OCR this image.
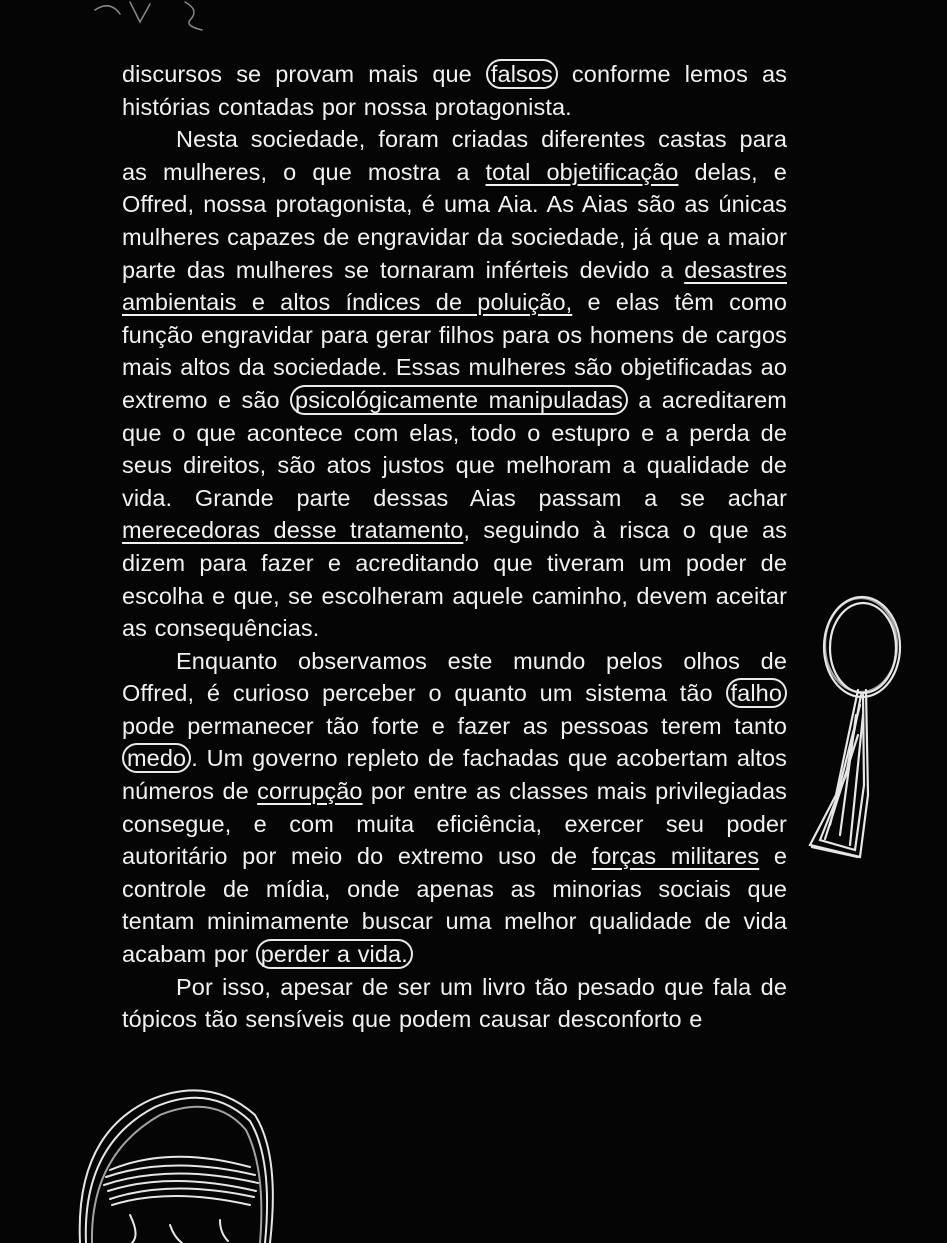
discursos se provam mais que falsos conforme lemos as histórias contadas por nossa protagonista.

Nesta sociedade, foram criadas diferentes castas para as mulheres, o que mostra a total objetificação delas, e Offred, nossa protagonista, é uma Aia. As Aias são as únicas mulheres capazes de engravidar da sociedade, já que a maior parte das mulheres se tornaram inférteis devido a desastres ambientais e altos índices de poluição, e elas têm como função engravidar para gerar filhos para os homens de cargos mais altos da sociedade. Essas mulheres são objetificadas ao extremo e são psicológicamente manipuladas a acreditarem que o que acontece com elas, todo o estupro e a perda de seus direitos, são atos justos que melhoram a qualidade de vida. Grande parte dessas Aias passam a se achar merecedoras desse tratamento, seguindo à risca o que as dizem para fazer e acreditando que tiveram um poder de escolha e que, se escolheram aquele caminho, devem aceitar as consequências.

Enquanto observamos este mundo pelos olhos de Offred, é curioso perceber o quanto um sistema tão falho pode permanecer tão forte e fazer as pessoas terem tanto medo . Um governo repleto de fachadas que acobertam altos números de corrupção por entre as classes mais privilegiadas consegue, e com muita eficiência, exercer seu poder autoritário por meio do extremo uso de forças militares e controle de mídia, onde apenas as minorias sociais que tentam minimamente buscar uma melhor qualidade de vida acabam por perder a vida.

Por isso, apesar de ser um livro tão pesado que fala de tópicos tão sensíveis que podem causar desconforto e
